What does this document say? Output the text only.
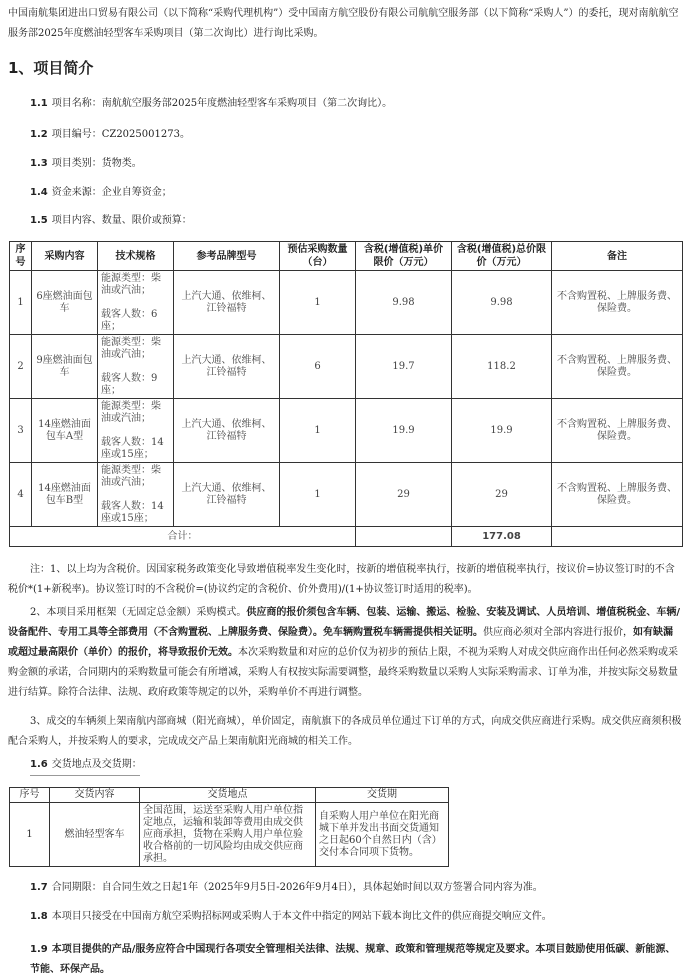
中国南航集团进出口贸易有限公司（以下简称“采购代理机构”）受中国南方航空股份有限公司航航空服务部（以下简称“采购人”）的委托，现对南航航空服务部2025年度燃油轻型客车采购项目（第二次询比）进行询比采购。
1、项目简介
1.1 项目名称：南航航空服务部2025年度燃油轻型客车采购项目（第二次询比）。
1.2 项目编号：CZ2025001273。
1.3 项目类别：货物类。
1.4 资金来源：企业自筹资金；
1.5 项目内容、数量、限价或预算：
序号	采购内容	技术规格	参考品牌型号	预估采购数量（台）	含税(增值税)单价限价（万元）	含税(增值税)总价限价（万元）	备注
1	6座燃油面包车	能源类型：柴油或汽油；

载客人数：6座；	上汽大通、依维柯、江铃福特	1	9.98	9.98	不含购置税、上牌服务费、保险费。
2	9座燃油面包车	能源类型：柴油或汽油；

载客人数：9座；	上汽大通、依维柯、江铃福特	6	19.7	118.2	不含购置税、上牌服务费、保险费。
3	14座燃油面包车A型	能源类型：柴油或汽油；

载客人数：14座或15座；	上汽大通、依维柯、江铃福特	1	19.9	19.9	不含购置税、上牌服务费、保险费。
4	14座燃油面包车B型	能源类型：柴油或汽油；

载客人数：14座或15座；	上汽大通、依维柯、江铃福特	1	29	29	不含购置税、上牌服务费、保险费。
合计：						177.08	
注：1、以上均为含税价。因国家税务政策变化导致增值税率发生变化时，按新的增值税率执行，按新的增值税率执行，按议价=协议签订时的不含税价*(1+新税率)。协议签订时的不含税价=(协议约定的含税价、价外费用)/(1+协议签订时适用的税率)。
2、本项目采用框架（无固定总金额）采购模式。供应商的报价须包含车辆、包装、运输、搬运、检验、安装及调试、人员培训、增值税税金、车辆/设备配件、专用工具等全部费用（不含购置税、上牌服务费、保险费）。免车辆购置税车辆需提供相关证明。供应商必须对全部内容进行报价，如有缺漏或超过最高限价（单价）的报价，将导致报价无效。本次采购数量和对应的总价仅为初步的预估上限，不视为采购人对成交供应商作出任何必然采购或采购金额的承诺，合同期内的采购数量可能会有所增减，采购人有权按实际需要调整，最终采购数量以采购人实际采购需求、订单为准，并按实际交易数量进行结算。除符合法律、法规、政府政策等规定的以外，采购单价不再进行调整。
3、成交的车辆须上架南航内部商城（阳光商城），单价固定，南航旗下的各成员单位通过下订单的方式，向成交供应商进行采购。成交供应商须积极配合采购人，并按采购人的要求，完成成交产品上架南航阳光商城的相关工作。
1.6 交货地点及交货期：
序号	交货内容	交货地点	交货期
1	燃油轻型客车	全国范围，运送至采购人用户单位指定地点，运输和装卸等费用由成交供应商承担，货物在采购人用户单位验收合格前的一切风险均由成交供应商承担。	自采购人用户单位在阳光商城下单并发出书面交货通知之日起60个自然日内（含）交付本合同项下货物。
1.7 合同期限：自合同生效之日起1年（2025年9月5日-2026年9月4日），具体起始时间以双方签署合同内容为准。
1.8 本项目只接受在中国南方航空采购招标网或采购人于本文件中指定的网站下载本询比文件的供应商提交响应文件。
1.9 本项目提供的产品/服务应符合中国现行各项安全管理相关法律、法规、规章、政策和管理规范等规定及要求。本项目鼓励使用低碳、新能源、节能、环保产品。
